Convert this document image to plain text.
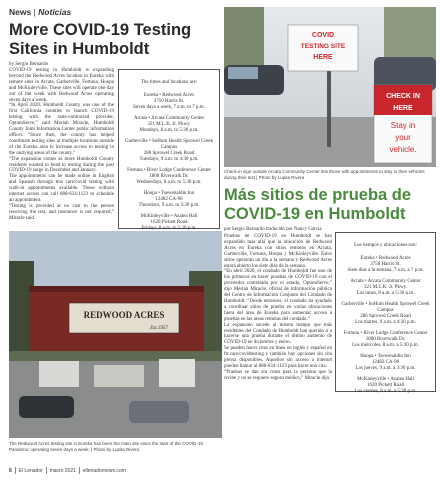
News | Noticias
More COVID-19 Testing Sites in Humboldt
by Sergio Bernardo
COVID-19 testing in Humboldt is expanding beyond the Redwood Acres location in Eureka with remote sites in Arcata, Garberville, Fortuna, Hoopa and McKinleyville. These sites will operate one day out of the week with Redwood Acres operating seven days a week.
“In April 2020, Humboldt County was one of the first California counties to launch COVID-19 testing with the state-contracted provider, OptumServe,” said Meriah Miracle, Humboldt County Joint Information Center public information officer. “Since then, the county has helped coordinate testing sites at multiple locations outside of the Eureka area to increase access to testing in the outlying areas of the county.”
“The expansion comes as more Humboldt County residents wanted to head to testing during the past COVID-19 surge in December and January.
The appointments can be made online in English and Spanish through this care/covid testing with walk-in appointments available. Those without internet access can call 888-634-1123 to schedule an appointment.
“Testing is provided at no cost to the person receiving the test, and insurance is not required,” Miracle said.

The times and locations are:

Eureka • Redwood Acres
3750 Harris St.
Seven days a week, 7 a.m. to 7 p.m.

Arcata • Arcata Community Center
321 M L.K. Jr. Pkwy.
Mondays, 8 a.m. to 5:30 p.m.

Garberville • SoHum Health Sprowel Creek Campus
286 Sprowel Creek Road
Tuesdays, 9 a.m. to 4:30 p.m.

Fortuna • River Lodge Conference Center
1800 Riverwalk Dr.
Wednesdays, 8 a.m. to 5:30 p.m.

Hoopa • Tsewenaldin Inn
12482 CA-96
Thursdays, 9 a.m. to 3:30 p.m.

McKinleyville • Azalea Hall
1620 Pickett Road
Fridays, 8 a.m. to 5:30 p.m.

COVID
TESTING SITE
HERE
CHECK IN
HERE
Stay in
your
vehicle.
Check-in sign outside Arcata Community Center lets those with appointments to stay in their vehicles during their test | Photo by Lupita Rivera
Más sitios de prueba de COVID-19 en Humboldt
por Sergio Bernardo traducido por Nancy Garcia
Pruebas de COVID-19 en Humboldt se han expandido más allá que la ubicación de Redwood Acres en Eureka con sitios remotos en Arcata, Garberville, Fortuna, Hoopa y McKinleyville. Estos sitios operarán un día a la semana y Redwood Acres estará abierto los siete días de la semana.
“En abril 2020, el condado de Humboldt fue uno de los primeros en hacer pruebas de COVID-19 con el proveedor contratado por el estado, OptumServe,” dijo Meriah Miracle, oficial de información pública del Centro de Información Conjunto del Condado de Humboldt. “Desde entonces, el condado ha ayudado a coordinar sitios de prueba en varias ubicaciones fuera del área de Eureka para aumentar acceso a pruebas en las áreas remotas del condado.”
La expansión sucede al mismo tiempo que más residentes del Condado de Humboldt han querido ir a hacerse una prueba durante el último aumento de COVID-19 en diciembre y enero.
Se pueden hacer citas en línea en inglés y español en ftr.care/covidtesting y también hay opciones sin cita previa disponibles. Aquellos sin acceso a internet pueden llamar al 888-634-1123 para hacer una cita.
“Pruebas se dan sin costo para la persona que la recibe y no se requiere seguro médico,” Miracle dijo.

Los tiempos y ubicaciones son:

Eureka • Redwood Acres
3750 Harris St.
Siete días a la semana, 7 a.m. a 7 p.m.

Arcata • Arcata Community Center
321 M.L.K. Jr. Pkwy.
Los lunes, 8 a.m. a 5:30 p.m.

Garberville • SoHum Health Sprowel Creek Campus
286 Sprowel Creek Road
Los martes, 9 a.m. a 4:30 p.m.

Fortuna • River Lodge Conference Center
1800 Riverwalk Dr.
Los miércoles, 8 a.m. a 5:30 p.m.

Hoopa • Tsewenaldin Inn
12482 CA-96
Los jueves, 9 a.m. a 3:30 p.m.

McKinleyville • Azalea Hall
1620 Pickett Road
Los viernes, 8 a.m. a 5:30 p.m.

REDWOOD ACRES
Est.1957
The Redwood Acres testing site in Eureka has been the main site since the start of the COVID-19 Pandemic operating seven days a week. | Photo by Lupita Rivera
8 El Lenador marzo 2021 ellenadornews.com
